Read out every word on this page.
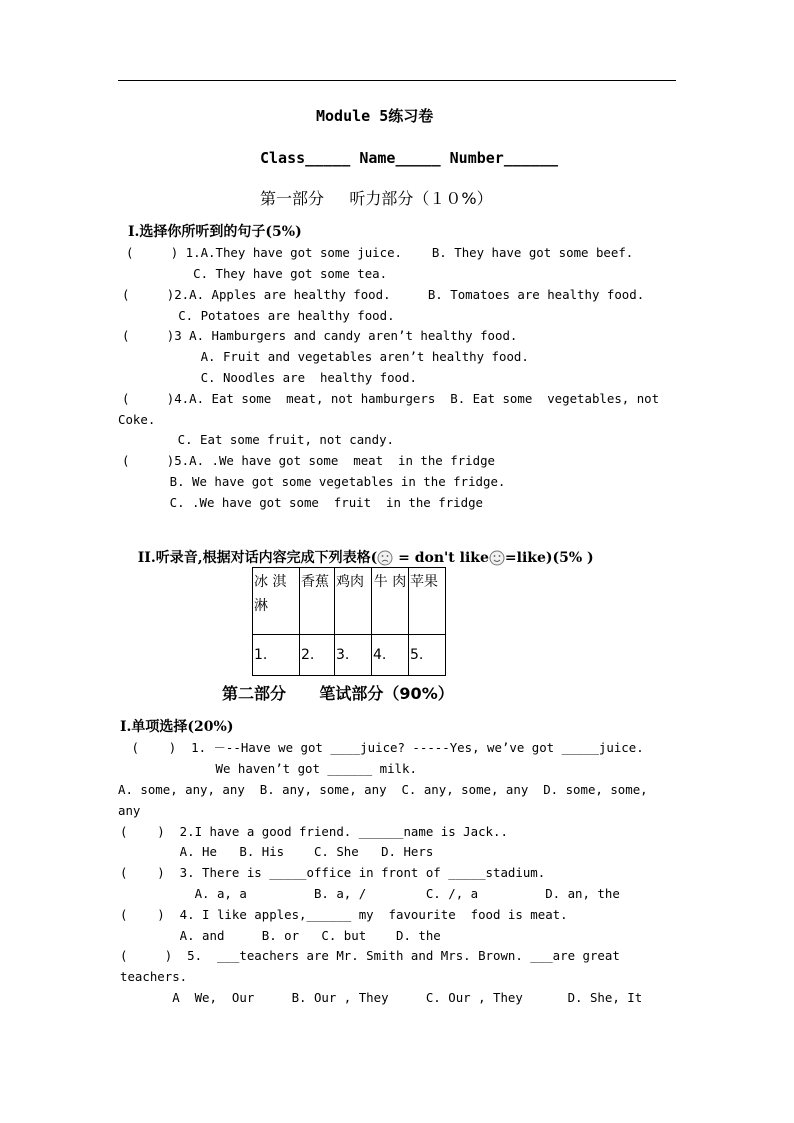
Module 5练习卷
Class_____ Name_____ Number______
第一部分     听力部分（１０%）
I.选择你所听到的句子(5%)
(     ) 1.A.They have got some juice.    B. They have got some beef.
C. They have got some tea.
(     )2.A. Apples are healthy food.     B. Tomatoes are healthy food.
C. Potatoes are healthy food.
(     )3 A. Hamburgers and candy aren’t healthy food.
A. Fruit and vegetables aren’t healthy food.
C. Noodles are  healthy food.
(     )4.A. Eat some  meat, not hamburgers  B. Eat some  vegetables, not
Coke.
C. Eat some fruit, not candy.
(     )5.A. .We have got some  meat  in the fridge
B. We have got some vegetables in the fridge.
C. .We have got some  fruit  in the fridge

II.听录音,根据对话内容完成下列表格( = don't like =like)(5% )

冰 淇淋	香蕉	鸡肉	牛 肉	苹果
1.	2.	3.	4.	5.
第二部分      笔试部分（90%）
I.单项选择(20%)
(    )  1. －--Have we got ____juice? -----Yes, we’ve got _____juice.
We haven’t got ______ milk.
A. some, any, any  B. any, some, any  C. any, some, any  D. some, some,
any
(    )  2.I have a good friend. ______name is Jack..
A. He   B. His    C. She   D. Hers
(    )  3. There is _____office in front of _____stadium.
A. a, a         B. a, /        C. /, a         D. an, the
(    )  4. I like apples,______ my  favourite  food is meat.
A. and     B. or   C. but    D. the
(     )  5.  ___teachers are Mr. Smith and Mrs. Brown. ___are great
teachers.
A  We,  Our     B. Our , They     C. Our , They      D. She, It
